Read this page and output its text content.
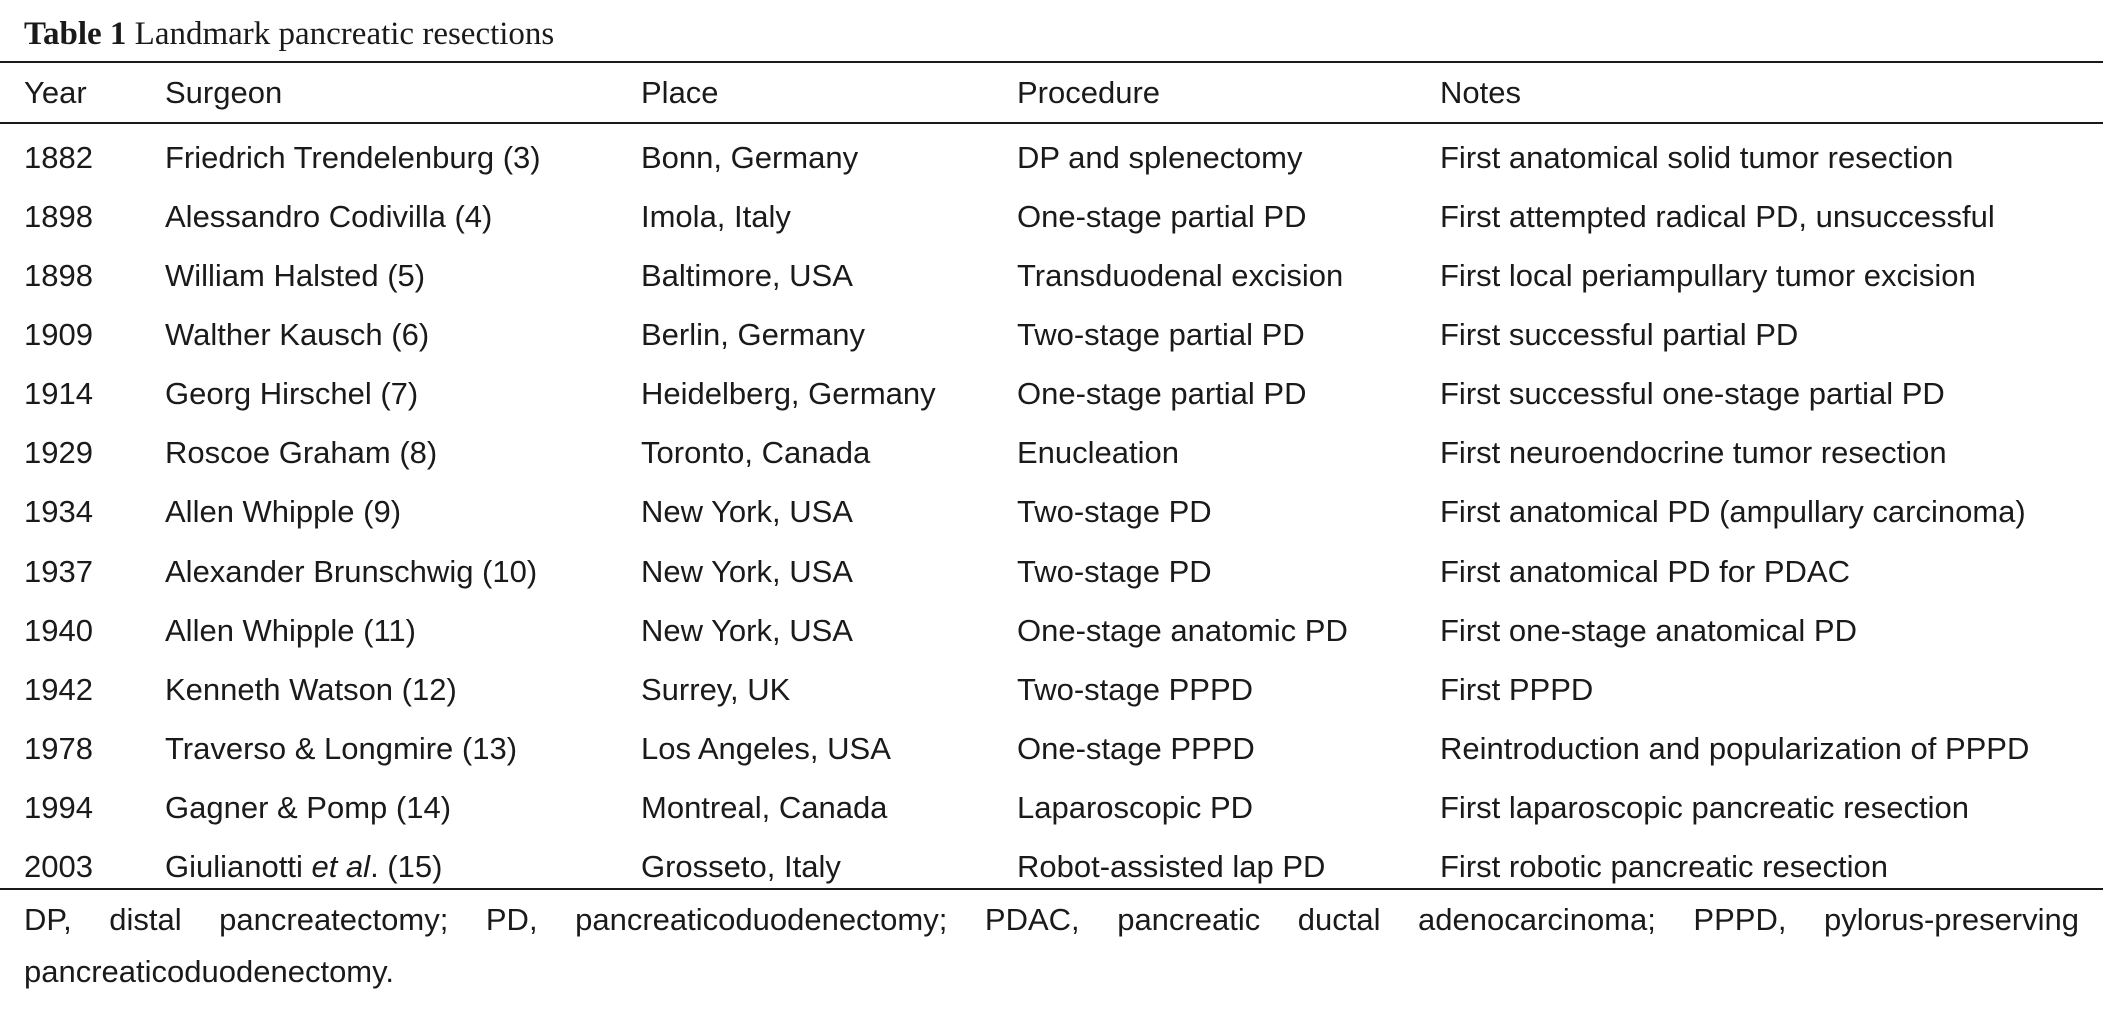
Table 1 Landmark pancreatic resections
Year	Surgeon	Place	Procedure	Notes

1882	Friedrich Trendelenburg (3)	Bonn, Germany	DP and splenectomy	First anatomical solid tumor resection
1898	Alessandro Codivilla (4)	Imola, Italy	One-stage partial PD	First attempted radical PD, unsuccessful
1898	William Halsted (5)	Baltimore, USA	Transduodenal excision	First local periampullary tumor excision
1909	Walther Kausch (6)	Berlin, Germany	Two-stage partial PD	First successful partial PD
1914	Georg Hirschel (7)	Heidelberg, Germany	One-stage partial PD	First successful one-stage partial PD
1929	Roscoe Graham (8)	Toronto, Canada	Enucleation	First neuroendocrine tumor resection
1934	Allen Whipple (9)	New York, USA	Two-stage PD	First anatomical PD (ampullary carcinoma)
1937	Alexander Brunschwig (10)	New York, USA	Two-stage PD	First anatomical PD for PDAC
1940	Allen Whipple (11)	New York, USA	One-stage anatomic PD	First one-stage anatomical PD
1942	Kenneth Watson (12)	Surrey, UK	Two-stage PPPD	First PPPD
1978	Traverso & Longmire (13)	Los Angeles, USA	One-stage PPPD	Reintroduction and popularization of PPPD
1994	Gagner & Pomp (14)	Montreal, Canada	Laparoscopic PD	First laparoscopic pancreatic resection
2003	Giulianotti et al. (15)	Grosseto, Italy	Robot-assisted lap PD	First robotic pancreatic resection
DP, distal pancreatectomy; PD, pancreaticoduodenectomy; PDAC, pancreatic ductal adenocarcinoma; PPPD, pylorus-preserving pancreaticoduodenectomy.
